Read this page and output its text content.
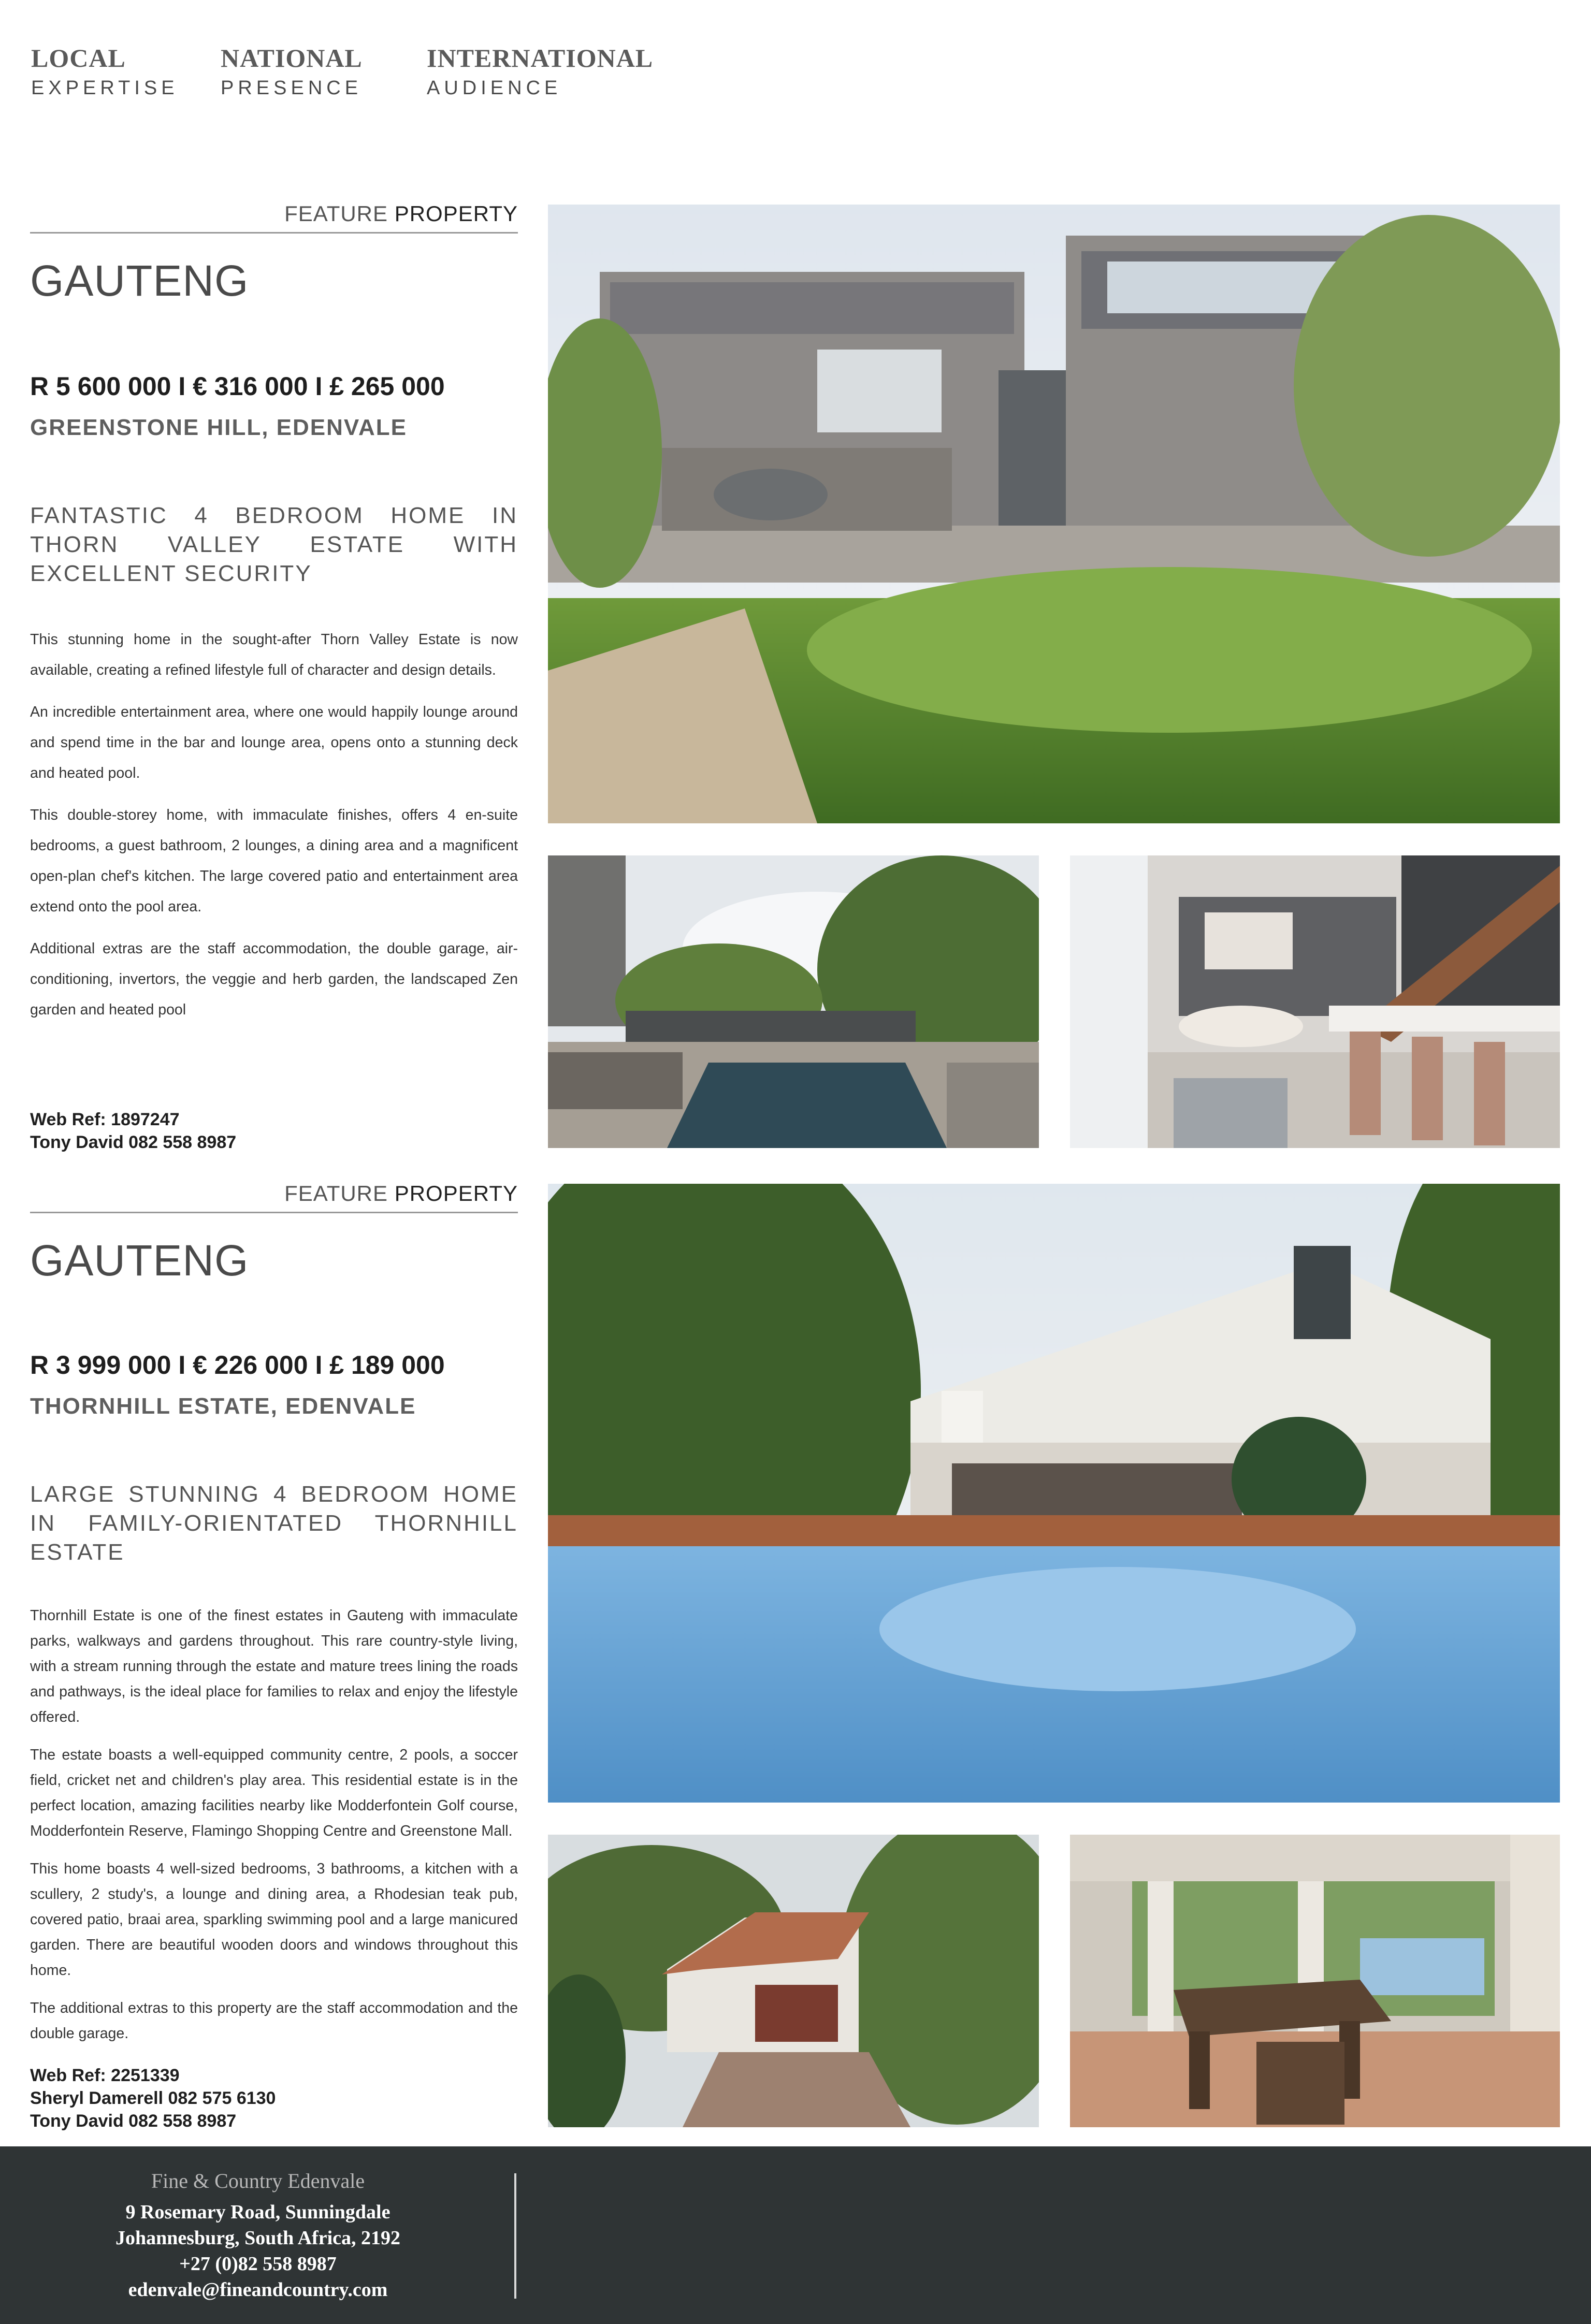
LOCAL
EXPERTISE
NATIONAL
PRESENCE
INTERNATIONAL
AUDIENCE
FEATURE PROPERTY
GAUTENG
R 5 600 000 I € 316 000 I £ 265 000
GREENSTONE HILL, EDENVALE
FANTASTIC 4 BEDROOM HOME IN THORN VALLEY ESTATE WITH EXCELLENT SECURITY

This stunning home in the sought-after Thorn Valley Estate is now available, creating a refined lifestyle full of character and design details.

An incredible entertainment area, where one would happily lounge around and spend time in the bar and lounge area, opens onto a stunning deck and heated pool.

This double-storey home, with immaculate finishes, offers 4 en-suite bedrooms, a guest bathroom, 2 lounges, a dining area and a magnificent open-plan chef's kitchen. The large covered patio and entertainment area extend onto the pool area.

Additional extras are the staff accommodation, the double garage, air-conditioning, invertors, the veggie and herb garden, the landscaped Zen garden and heated pool

Web Ref: 1897247
Tony David 082 558 8987
FEATURE PROPERTY
GAUTENG
R 3 999 000 I € 226 000 I £ 189 000
THORNHILL ESTATE, EDENVALE
LARGE STUNNING 4 BEDROOM HOME IN FAMILY-ORIENTATED THORNHILL ESTATE

Thornhill Estate is one of the finest estates in Gauteng with immaculate parks, walkways and gardens throughout. This rare country-style living, with a stream running through the estate and mature trees lining the roads and pathways, is the ideal place for families to relax and enjoy the lifestyle offered.

The estate boasts a well-equipped community centre, 2 pools, a soccer field, cricket net and children's play area. This residential estate is in the perfect location, amazing facilities nearby like Modderfontein Golf course, Modderfontein Reserve, Flamingo Shopping Centre and Greenstone Mall.

This home boasts 4 well-sized bedrooms, 3 bathrooms, a kitchen with a scullery, 2 study's, a lounge and dining area, a Rhodesian teak pub, covered patio, braai area, sparkling swimming pool and a large manicured garden. There are beautiful wooden doors and windows throughout this home.

The additional extras to this property are the staff accommodation and the double garage.

Web Ref: 2251339
Sheryl Damerell 082 575 6130
Tony David 082 558 8987
Fine & Country Edenvale
9 Rosemary Road, Sunningdale
Johannesburg, South Africa, 2192
+27 (0)82 558 8987
edenvale@fineandcountry.com
